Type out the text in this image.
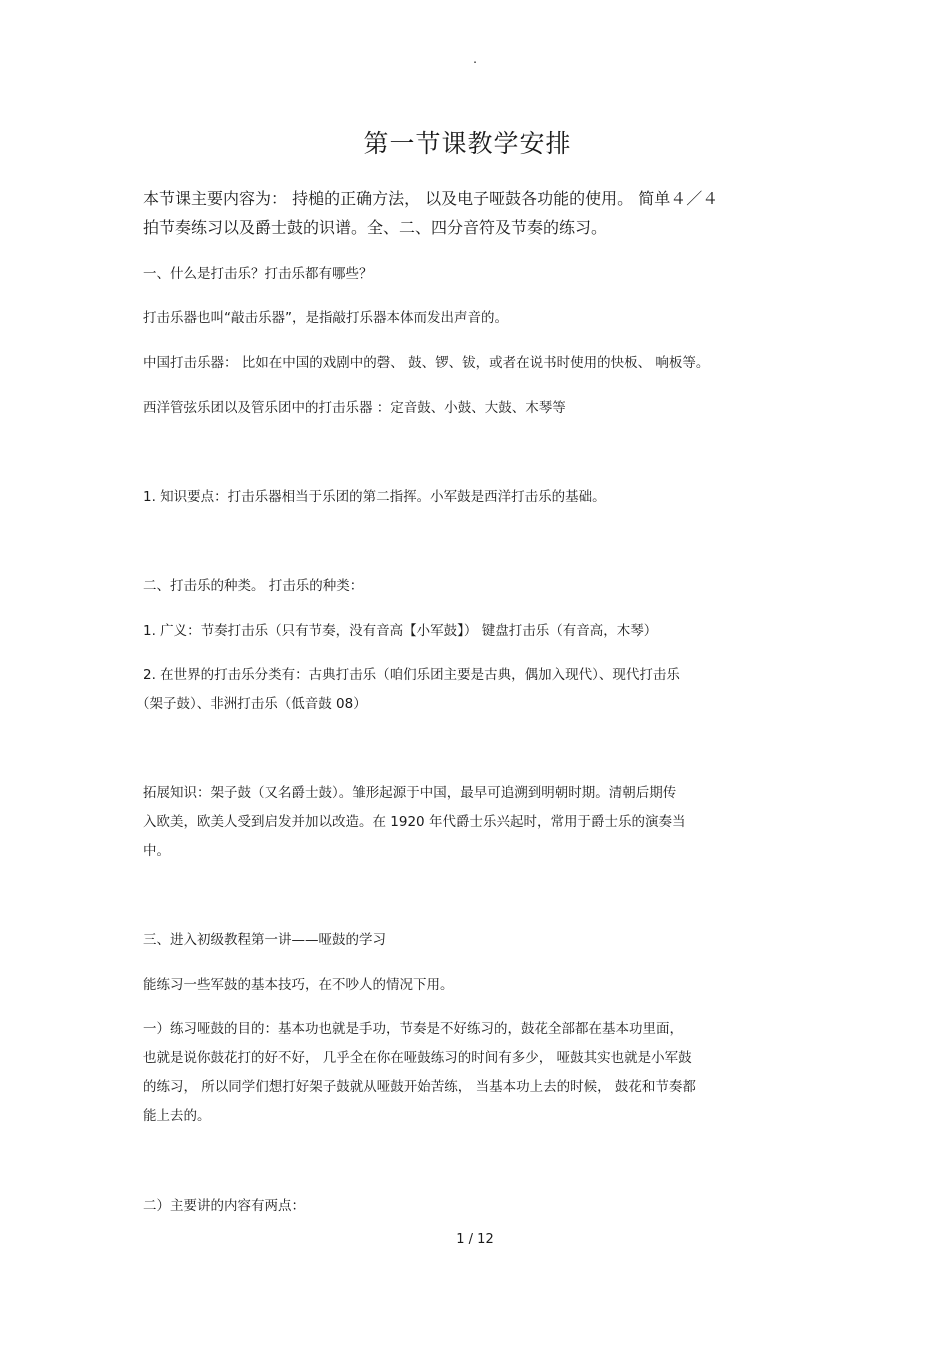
.
第一节课教学安排
本节课主要内容为： 持槌的正确方法， 以及电子哑鼓各功能的使用。 简单４／４
拍节奏练习以及爵士鼓的识谱。全、二、四分音符及节奏的练习。
一、什么是打击乐？打击乐都有哪些？
打击乐器也叫“敲击乐器”，是指敲打乐器本体而发出声音的。
中国打击乐器： 比如在中国的戏剧中的磬、 鼓、锣、钹，或者在说书时使用的快板、 响板等。
西洋管弦乐团以及管乐团中的打击乐器 ：定音鼓、小鼓、大鼓、木琴等
1. 知识要点：打击乐器相当于乐团的第二指挥。小军鼓是西洋打击乐的基础。
二、打击乐的种类。 打击乐的种类：
1. 广义：节奏打击乐（只有节奏，没有音高【小军鼓】） 键盘打击乐（有音高，木琴）
2. 在世界的打击乐分类有：古典打击乐（咱们乐团主要是古典，偶加入现代）、现代打击乐
（架子鼓）、非洲打击乐（低音鼓 08）
拓展知识：架子鼓（又名爵士鼓）。雏形起源于中国，最早可追溯到明朝时期。清朝后期传
入欧美，欧美人受到启发并加以改造。在 1920 年代爵士乐兴起时，常用于爵士乐的演奏当
中。
三、进入初级教程第一讲——哑鼓的学习
能练习一些军鼓的基本技巧，在不吵人的情况下用。
一）练习哑鼓的目的：基本功也就是手功，节奏是不好练习的，鼓花全部都在基本功里面，
也就是说你鼓花打的好不好， 几乎全在你在哑鼓练习的时间有多少， 哑鼓其实也就是小军鼓
的练习， 所以同学们想打好架子鼓就从哑鼓开始苦练， 当基本功上去的时候， 鼓花和节奏都
能上去的。
二）主要讲的内容有两点：
1 / 12
